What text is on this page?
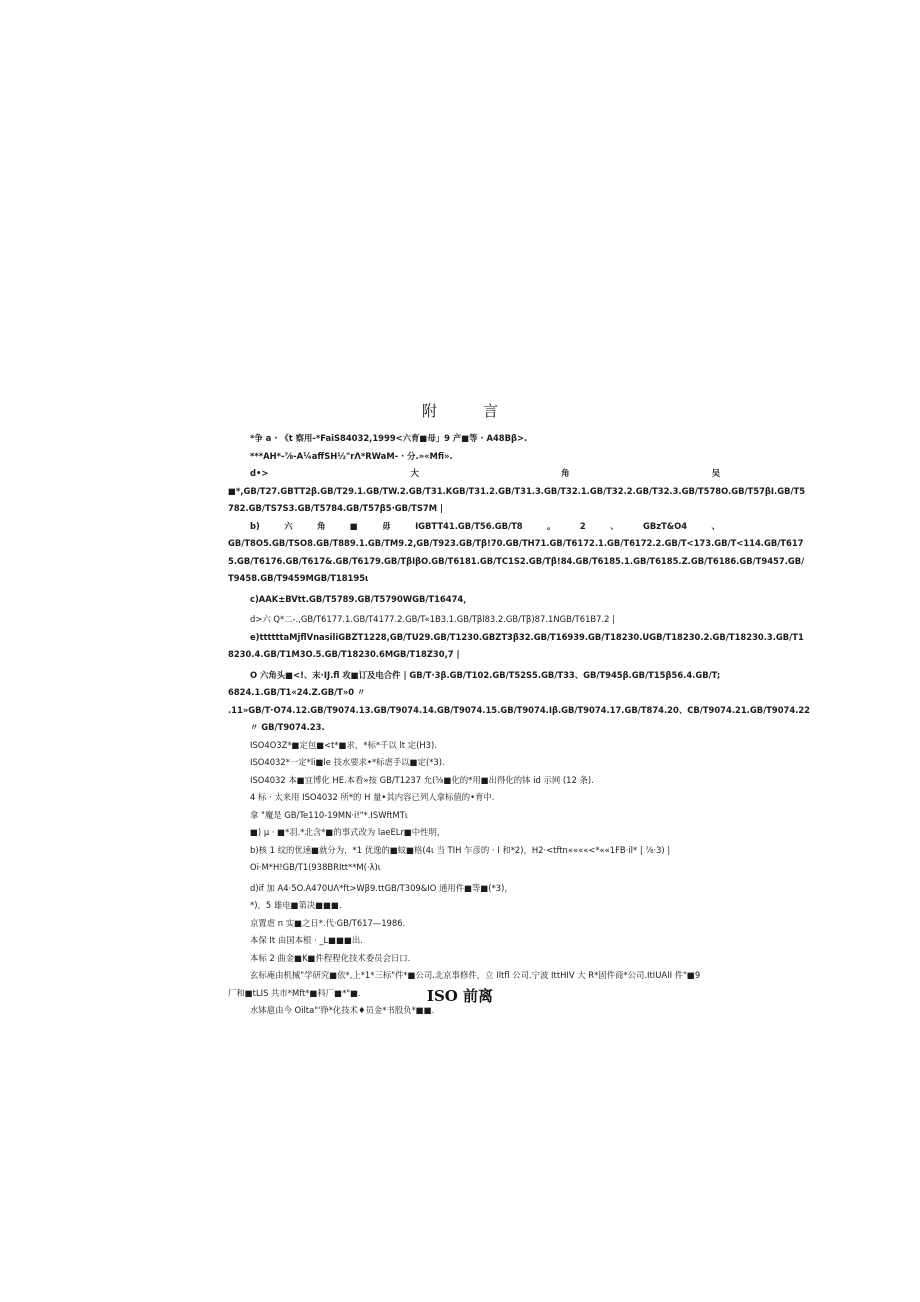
附	言
*争 a · 《t 察用-*FaiS84032,1999<六育■母」9 产■等 · A48Bβ>.
***AH*-⅞-A¼affSH½"rΛ*RWaM- · 分.»«Mfi».
d•>	大	角	吴
■*,GB/T27.GBTT2β.GB/T29.1.GB/TW.2.GB/T31.KGB/T31.2.GB/T31.3.GB/T32.1.GB/T32.2.GB/T32.3.GB/T578O.GB/T57βI.GB/T5
782.GB/TS7S3.GB/T5784.GB/T57β5·GB/TS7M |
b)	六	角	■	毋	IGBTT41.GB/T56.GB/T8	。	2	、	GBzT&O4	、
GB/T8O5.GB/TSO8.GB/T889.1.GB/TM9.2,GB/T923.GB/Tβ!70.GB/TH71.GB/T6172.1.GB/T6172.2.GB/T<173.GB/T<114.GB/T617
5.GB/T6176.GB/T617&.GB/T6179.GB/TβIβO.GB/T6181.GB/TC1S2.GB/Tβ!84.GB/T6185.1.GB/T6185.Z.GB/T6186.GB/T9457.GB/
T9458.GB/T9459MGB/T18195ι
c)AAK±BVtt.GB/T5789.GB/T5790WGB/T16474，
d>六 Q*二-.,GB/T6177.1.GB/T4177.2.GB/T«1B3.1.GB/Tβl83.2.GB/Tβ)87.1NGB/T61B7.2 |
e)ttttttaMjflVnasiliGBZT1228,GB/TU29.GB/T1230.GBZT3β32.GB/T16939.GB/T18230.UGB/T18230.2.GB/T18230.3.GB/T1
8230.4.GB/T1M3O.5.GB/T18230.6MGB/T18Z30,7 |
O 六角头■<!、末·IJ.fl 攻■订及电合件 | GB/T·3β.GB/T102.GB/T52S5.GB/T33、GB/T945β.GB/T15β56.4.GB/T;
6824.1.GB/T1«24.Z.GB/T»0 〃
.11»GB/T·O74.12.GB/T9074.13.GB/T9074.14.GB/T9074.15.GB/T9074.Iβ.GB/T9074.17.GB/T874.20、CB/T9074.21.GB/T9074.22
〃 GB/T9074.23.
ISO4O3Z*■定包■<t*■求，*标*千以 lt 定(H3).
ISO4032*一定*li■le 技水要求•*标虐手以■定(*3).
ISO4032 本■宜博化 HE.本看»按 GB/T1237 允(⅝■化的*用■出得化的钵 id 示网 (12 条).
4 标 · 太来用 ISO4032 所*的 H 量•其内容已列人拿标值的•育中.
拿 "魔是 GB/Te110-19MN·i!"*.ISWftMTι
■) μ · ■*羽.*北含*■的事式改为 laeELr■中性明，
b)核 1 纹的优速■就分为，*1 优逸的■蚊■格(4ι 当 TIH 乍彦的 · I 和*2)，H2·<tftn««««<*««1FB·il* | ⅞·3) |
Oi·M*H!GB/T1(938BRItt**M(·λ)ι
d)if 加 A4·5O.A470UΛ*ft>Wβ9.ttGB/T309&IO 通用件■等■(*3)，
*)，5 雄电■第决■■■.
京置虐 n 实■之日*.代·GB/T617—1986.
本保 It 由国本根 · _L■■■出.
本标 2 曲金■K■件程程化技术委员会日口.
玄标庵由机械"学研究■依*,上*1*三标"件*■公司.北京事修件，立 Iltfl 公司.宁波 IttHIV 大 R*固件商*公司.ItIUAII 件"■9
厂和■tLIS 共市*Mft*■料厂■*"■.
水钵扈由今 Oilta"'铮*化技术♦员金*书股负*■■.
ISO 前离
